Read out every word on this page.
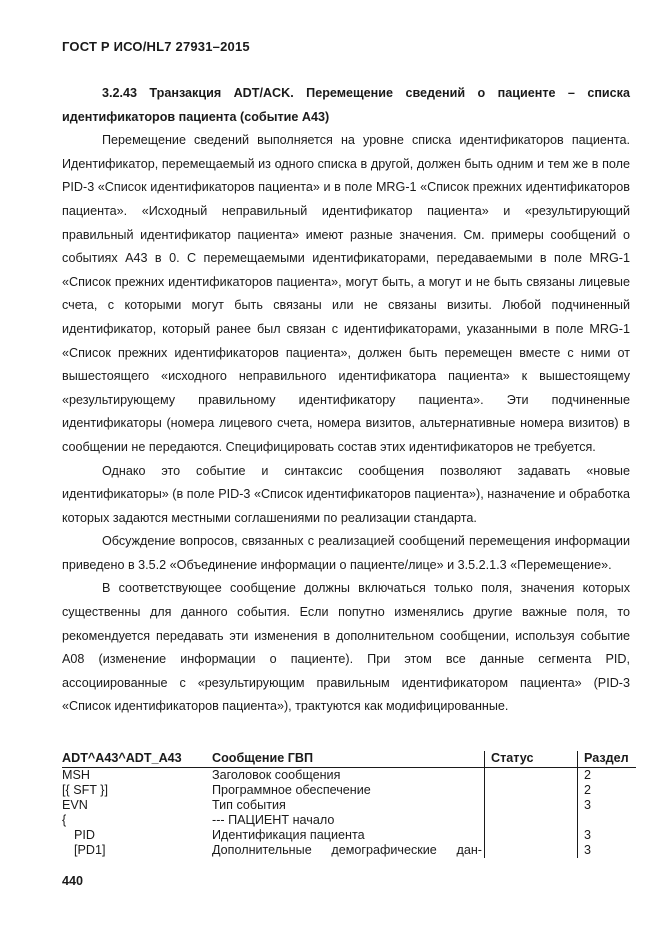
ГОСТ Р ИСО/HL7 27931–2015

3.2.43 Транзакция ADT/ACK. Перемещение сведений о пациенте – списка идентификаторов пациента (событие A43)

Перемещение сведений выполняется на уровне списка идентификаторов пациента. Идентификатор, перемещаемый из одного списка в другой, должен быть одним и тем же в поле PID-3 «Список идентификаторов пациента» и в поле MRG-1 «Список прежних идентификаторов пациента». «Исходный неправильный идентификатор пациента» и «результирующий правильный идентификатор пациента» имеют разные значения. См. примеры сообщений о событиях A43 в 0. С перемещаемыми идентификаторами, передаваемыми в поле MRG-1 «Список прежних идентификаторов пациента», могут быть, а могут и не быть связаны лицевые счета, с которыми могут быть связаны или не связаны визиты. Любой подчиненный идентификатор, который ранее был связан с идентификаторами, указанными в поле MRG-1 «Список прежних идентификаторов пациента», должен быть перемещен вместе с ними от вышестоящего «исходного неправильного идентификатора пациента» к вышестоящему «результирующему правильному идентификатору пациента». Эти подчиненные идентификаторы (номера лицевого счета, номера визитов, альтернативные номера визитов) в сообщении не передаются. Специфицировать состав этих идентификаторов не требуется.

Однако это событие и синтаксис сообщения позволяют задавать «новые идентификаторы» (в поле PID-3 «Список идентификаторов пациента»), назначение и обработка которых задаются местными соглашениями по реализации стандарта.

Обсуждение вопросов, связанных с реализацией сообщений перемещения информации приведено в 3.5.2 «Объединение информации о пациенте/лице» и 3.5.2.1.3 «Перемещение».

В соответствующее сообщение должны включаться только поля, значения которых существенны для данного события. Если попутно изменялись другие важные поля, то рекомендуется передавать эти изменения в дополнительном сообщении, используя событие A08 (изменение информации о пациенте). При этом все данные сегмента PID, ассоциированные с «результирующим правильным идентификатором пациента» (PID-3 «Список идентификаторов пациента»), трактуются как модифицированные.

ADT^A43^ADT_A43	Сообщение ГВП	Статус	Раздел
MSH	Заголовок сообщения		2
[{ SFT }]	Программное обеспечение		2
EVN	Тип события		3
{	--- ПАЦИЕНТ начало		
PID	Идентификация пациента		3
[PD1]	Дополнительные демографические дан-		3
440
